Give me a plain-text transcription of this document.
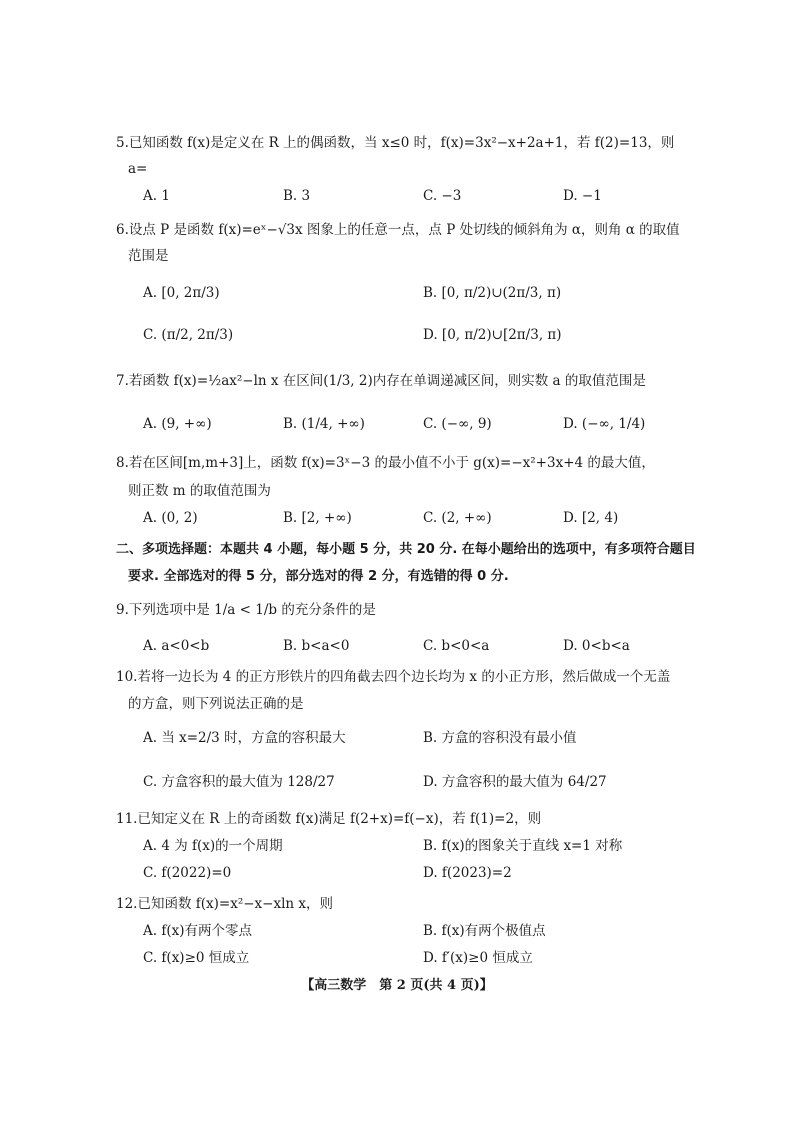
5.已知函数 f(x)是定义在 R 上的偶函数，当 x≤0 时，f(x)=3x²−x+2a+1，若 f(2)=13，则
a=
A. 1	B. 3	C. −3	D. −1
6.设点 P 是函数 f(x)=eˣ−√3x 图象上的任意一点，点 P 处切线的倾斜角为 α，则角 α 的取值
范围是
A. [0, 2π/3)	B. [0, π/2)∪(2π/3, π)
C. (π/2, 2π/3)	D. [0, π/2)∪[2π/3, π)
7.若函数 f(x)=½ax²−ln x 在区间(1/3, 2)内存在单调递减区间，则实数 a 的取值范围是
A. (9, +∞)	B. (1/4, +∞)	C. (−∞, 9)	D. (−∞, 1/4)
8.若在区间[m,m+3]上，函数 f(x)=3ˣ−3 的最小值不小于 g(x)=−x²+3x+4 的最大值，
则正数 m 的取值范围为
A. (0, 2)	B. [2, +∞)	C. (2, +∞)	D. [2, 4)
二、多项选择题：本题共 4 小题，每小题 5 分，共 20 分. 在每小题给出的选项中，有多项符合题目
要求. 全部选对的得 5 分，部分选对的得 2 分，有选错的得 0 分.
9.下列选项中是 1/a < 1/b 的充分条件的是
A. a<0<b	B. b<a<0	C. b<0<a	D. 0<b<a
10.若将一边长为 4 的正方形铁片的四角截去四个边长均为 x 的小正方形，然后做成一个无盖
的方盒，则下列说法正确的是
A. 当 x=2/3 时，方盒的容积最大	B. 方盒的容积没有最小值
C. 方盒容积的最大值为 128/27	D. 方盒容积的最大值为 64/27
11.已知定义在 R 上的奇函数 f(x)满足 f(2+x)=f(−x)，若 f(1)=2，则
A. 4 为 f(x)的一个周期	B. f(x)的图象关于直线 x=1 对称
C. f(2022)=0	D. f(2023)=2
12.已知函数 f(x)=x²−x−xln x，则
A. f(x)有两个零点	B. f(x)有两个极值点
C. f(x)≥0 恒成立	D. f′(x)≥0 恒成立
【高三数学　第 2 页(共 4 页)】
